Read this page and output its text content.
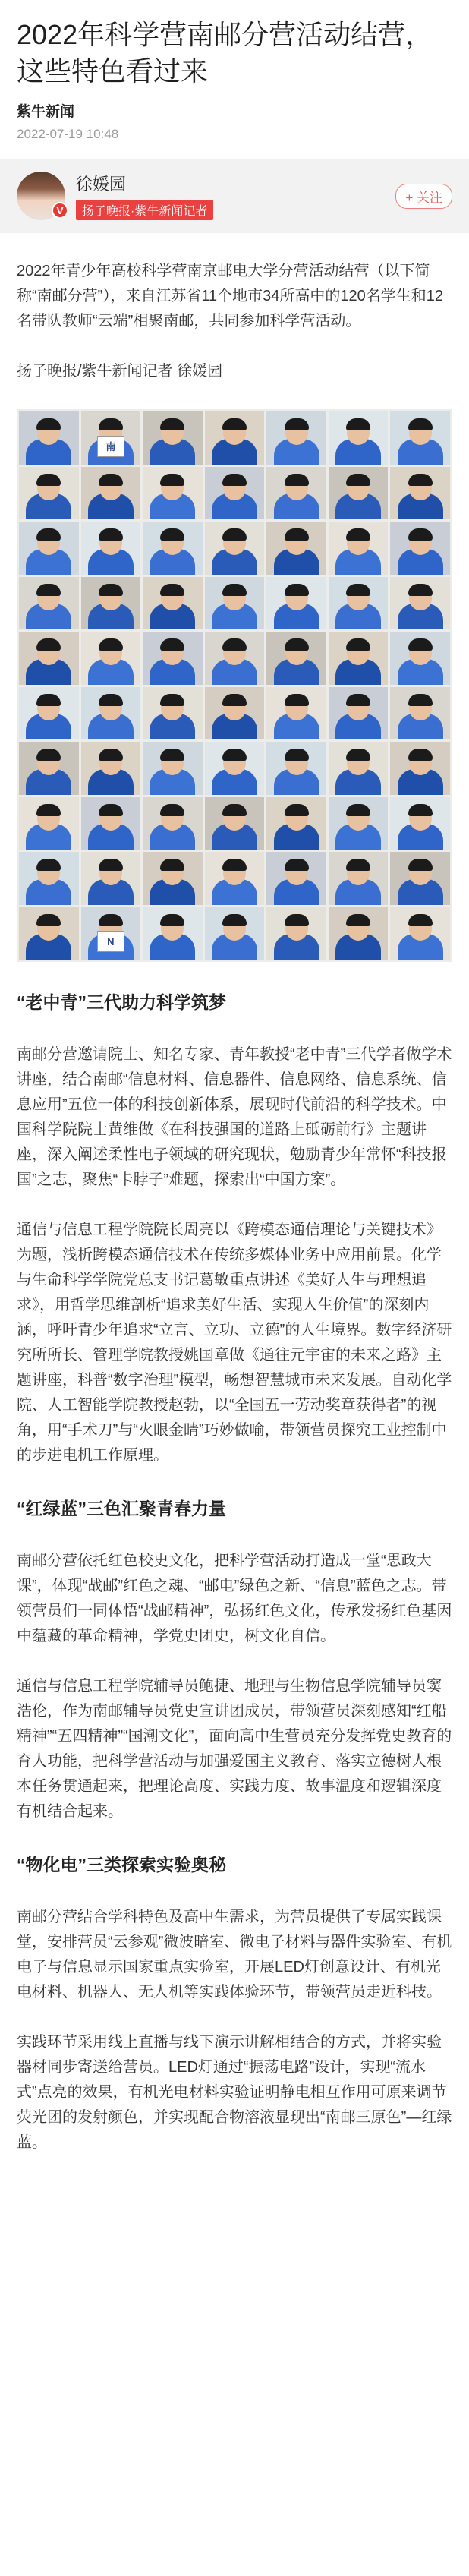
2022年科学营南邮分营活动结营，这些特色看过来
紫牛新闻
2022-07-19 10:48
V
徐媛园
扬子晚报·紫牛新闻记者
+ 关注

2022年青少年高校科学营南京邮电大学分营活动结营（以下简称“南邮分营”），来自江苏省11个地市34所高中的120名学生和12名带队教师“云端”相聚南邮，共同参加科学营活动。

扬子晚报/紫牛新闻记者 徐媛园

南
N
“老中青”三代助力科学筑梦

南邮分营邀请院士、知名专家、青年教授“老中青”三代学者做学术讲座，结合南邮“信息材料、信息器件、信息网络、信息系统、信息应用”五位一体的科技创新体系，展现时代前沿的科学技术。中国科学院院士黄维做《在科技强国的道路上砥砺前行》主题讲座，深入阐述柔性电子领域的研究现状，勉励青少年常怀“科技报国”之志，聚焦“卡脖子”难题，探索出“中国方案”。

通信与信息工程学院院长周亮以《跨模态通信理论与关键技术》为题，浅析跨模态通信技术在传统多媒体业务中应用前景。化学与生命科学学院党总支书记葛敏重点讲述《美好人生与理想追求》，用哲学思维剖析“追求美好生活、实现人生价值”的深刻内涵，呼吁青少年追求“立言、立功、立德”的人生境界。数字经济研究所所长、管理学院教授姚国章做《通往元宇宙的未来之路》主题讲座，科普“数字治理”模型，畅想智慧城市未来发展。自动化学院、人工智能学院教授赵勃，以“全国五一劳动奖章获得者”的视角，用“手术刀”与“火眼金睛”巧妙做喻，带领营员探究工业控制中的步进电机工作原理。

“红绿蓝”三色汇聚青春力量

南邮分营依托红色校史文化，把科学营活动打造成一堂“思政大课”，体现“战邮”红色之魂、“邮电”绿色之新、“信息”蓝色之志。带领营员们一同体悟“战邮精神”，弘扬红色文化，传承发扬红色基因中蕴藏的革命精神，学党史团史，树文化自信。

通信与信息工程学院辅导员鲍捷、地理与生物信息学院辅导员窦浩伦，作为南邮辅导员党史宣讲团成员，带领营员深刻感知“红船精神”“五四精神”“国潮文化”，面向高中生营员充分发挥党史教育的育人功能，把科学营活动与加强爱国主义教育、落实立德树人根本任务贯通起来，把理论高度、实践力度、故事温度和逻辑深度有机结合起来。

“物化电”三类探索实验奥秘

南邮分营结合学科特色及高中生需求，为营员提供了专属实践课堂，安排营员“云参观”微波暗室、微电子材料与器件实验室、有机电子与信息显示国家重点实验室，开展LED灯创意设计、有机光电材料、机器人、无人机等实践体验环节，带领营员走近科技。

实践环节采用线上直播与线下演示讲解相结合的方式，并将实验器材同步寄送给营员。LED灯通过“振荡电路”设计，实现“流水式”点亮的效果，有机光电材料实验证明静电相互作用可原来调节荧光团的发射颜色，并实现配合物溶液显现出“南邮三原色”—红绿蓝。
